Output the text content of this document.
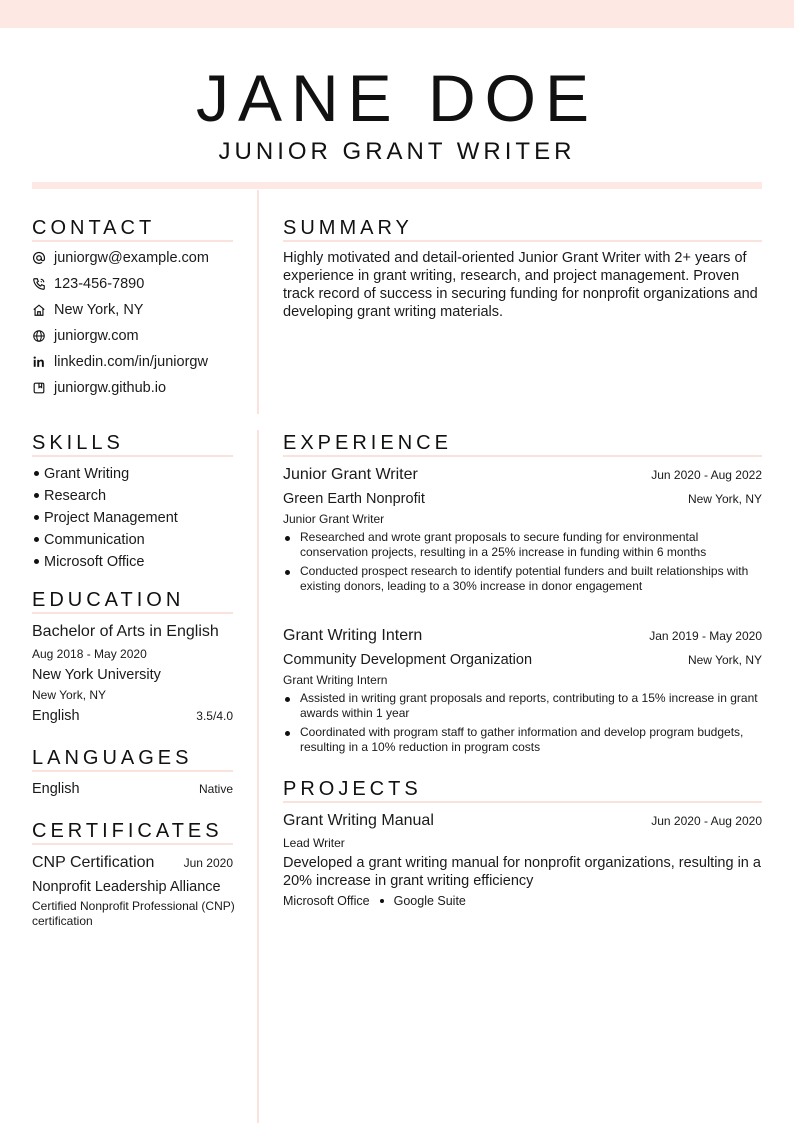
JANE DOE
JUNIOR GRANT WRITER
CONTACT
juniorgw@example.com
123-456-7890
New York, NY
juniorgw.com
linkedin.com/in/juniorgw
juniorgw.github.io
SKILLS
Grant Writing
Research
Project Management
Communication
Microsoft Office
EDUCATION
Bachelor of Arts in English
Aug 2018 - May 2020
New York University
New York, NY
English	3.5/4.0
LANGUAGES
English	Native
CERTIFICATES
CNP Certification	Jun 2020
Nonprofit Leadership Alliance
Certified Nonprofit Professional (CNP) certification
SUMMARY
Highly motivated and detail-oriented Junior Grant Writer with 2+ years of experience in grant writing, research, and project management. Proven track record of success in securing funding for nonprofit organizations and developing grant writing materials.
EXPERIENCE
Junior Grant Writer	Jun 2020 - Aug 2022
Green Earth Nonprofit	New York, NY
Junior Grant Writer
Researched and wrote grant proposals to secure funding for environmental conservation projects, resulting in a 25% increase in funding within 6 months
Conducted prospect research to identify potential funders and built relationships with existing donors, leading to a 30% increase in donor engagement
Grant Writing Intern	Jan 2019 - May 2020
Community Development Organization	New York, NY
Grant Writing Intern
Assisted in writing grant proposals and reports, contributing to a 15% increase in grant awards within 1 year
Coordinated with program staff to gather information and develop program budgets, resulting in a 10% reduction in program costs
PROJECTS
Grant Writing Manual	Jun 2020 - Aug 2020
Lead Writer
Developed a grant writing manual for nonprofit organizations, resulting in a 20% increase in grant writing efficiency
Microsoft Office Google Suite
